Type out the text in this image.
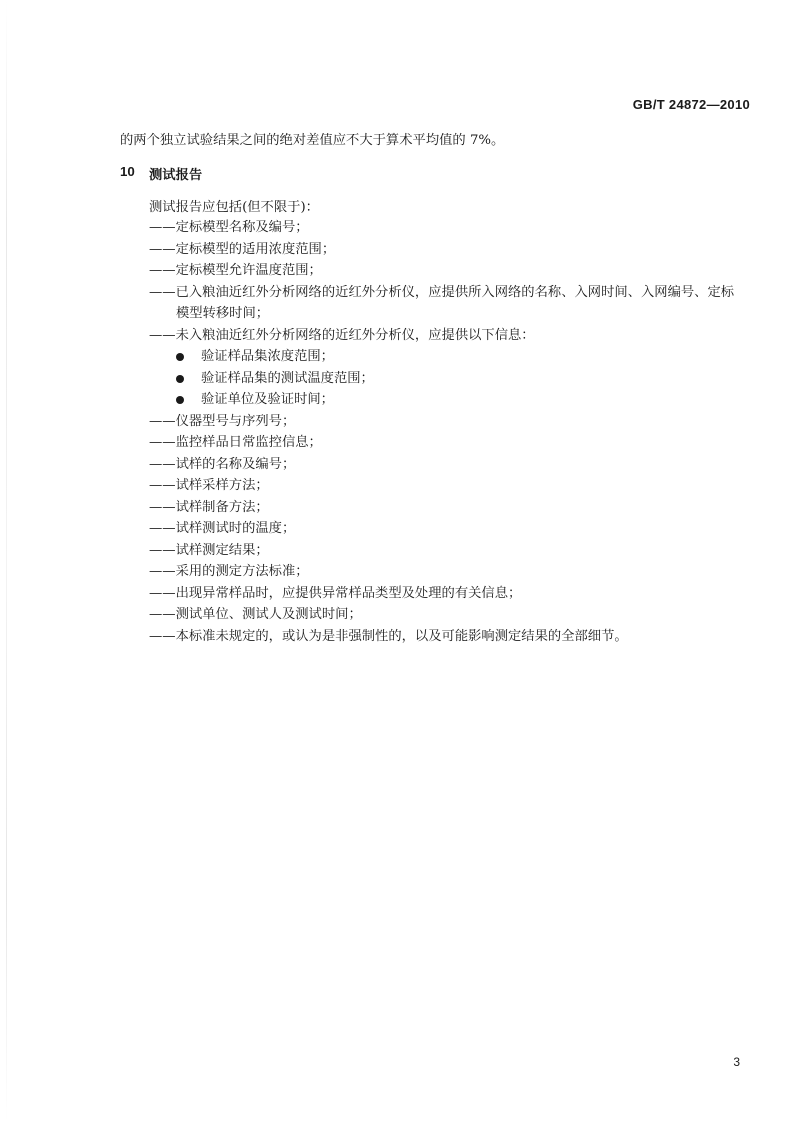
GB/T 24872—2010
的两个独立试验结果之间的绝对差值应不大于算术平均值的 7%。
10 测试报告
测试报告应包括(但不限于)：
——定标模型名称及编号；
——定标模型的适用浓度范围；
——定标模型允许温度范围；
——已入粮油近红外分析网络的近红外分析仪，应提供所入网络的名称、入网时间、入网编号、定标
模型转移时间；
——未入粮油近红外分析网络的近红外分析仪，应提供以下信息：
验证样品集浓度范围；
验证样品集的测试温度范围；
验证单位及验证时间；
——仪器型号与序列号；
——监控样品日常监控信息；
——试样的名称及编号；
——试样采样方法；
——试样制备方法；
——试样测试时的温度；
——试样测定结果；
——采用的测定方法标准；
——出现异常样品时，应提供异常样品类型及处理的有关信息；
——测试单位、测试人及测试时间；
——本标准未规定的，或认为是非强制性的，以及可能影响测定结果的全部细节。
3
